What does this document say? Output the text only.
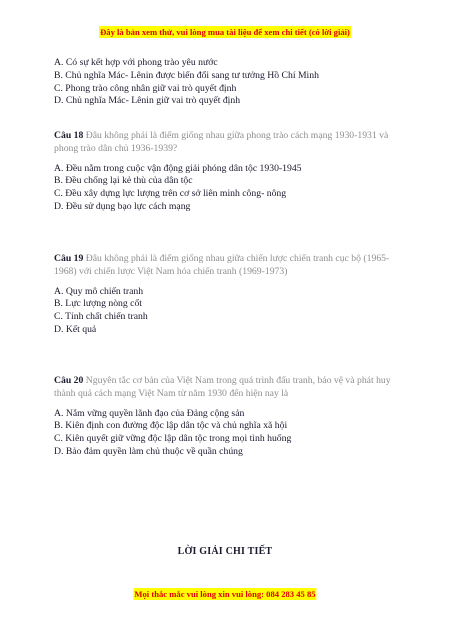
Đây là bản xem thử, vui lòng mua tài liệu để xem chi tiết (có lời giải)
A. Có sự kết hợp với phong trào yêu nước
B. Chủ nghĩa Mác- Lênin được biến đổi sang tư tưởng Hồ Chí Minh
C. Phong trào công nhân giữ vai trò quyết định
D. Chủ nghĩa Mác- Lênin giữ vai trò quyết định
Câu 18 Đâu không phải là điểm giống nhau giữa phong trào cách mạng 1930-1931 và phong trào dân chủ 1936-1939?
A. Đều nằm trong cuộc vận động giải phóng dân tộc 1930-1945
B. Đều chống lại kẻ thù của dân tộc
C. Đều xây dựng lực lượng trên cơ sở liên minh công- nông
D. Đều sử dụng bạo lực cách mạng
Câu 19 Đâu không phải là điểm giống nhau giữa chiến lược chiến tranh cục bộ (1965-1968) với chiến lược Việt Nam hóa chiến tranh (1969-1973)
A. Quy mô chiến tranh
B. Lực lượng nòng cốt
C. Tính chất chiến tranh
D. Kết quả
Câu 20 Nguyên tắc cơ bản của Việt Nam trong quá trình đấu tranh, bảo vệ và phát huy thành quả cách mạng Việt Nam từ năm 1930 đến hiện nay là
A. Nắm vững quyền lãnh đạo của Đảng cộng sản
B. Kiên định con đường độc lập dân tộc và chủ nghĩa xã hội
C. Kiên quyết giữ vững độc lập dân tộc trong mọi tình huống
D. Bảo đảm quyền làm chủ thuộc về quần chúng
LỜI GIẢI CHI TIẾT
Mọi thắc mắc vui lòng xin vui lòng: 084 283 45 85
